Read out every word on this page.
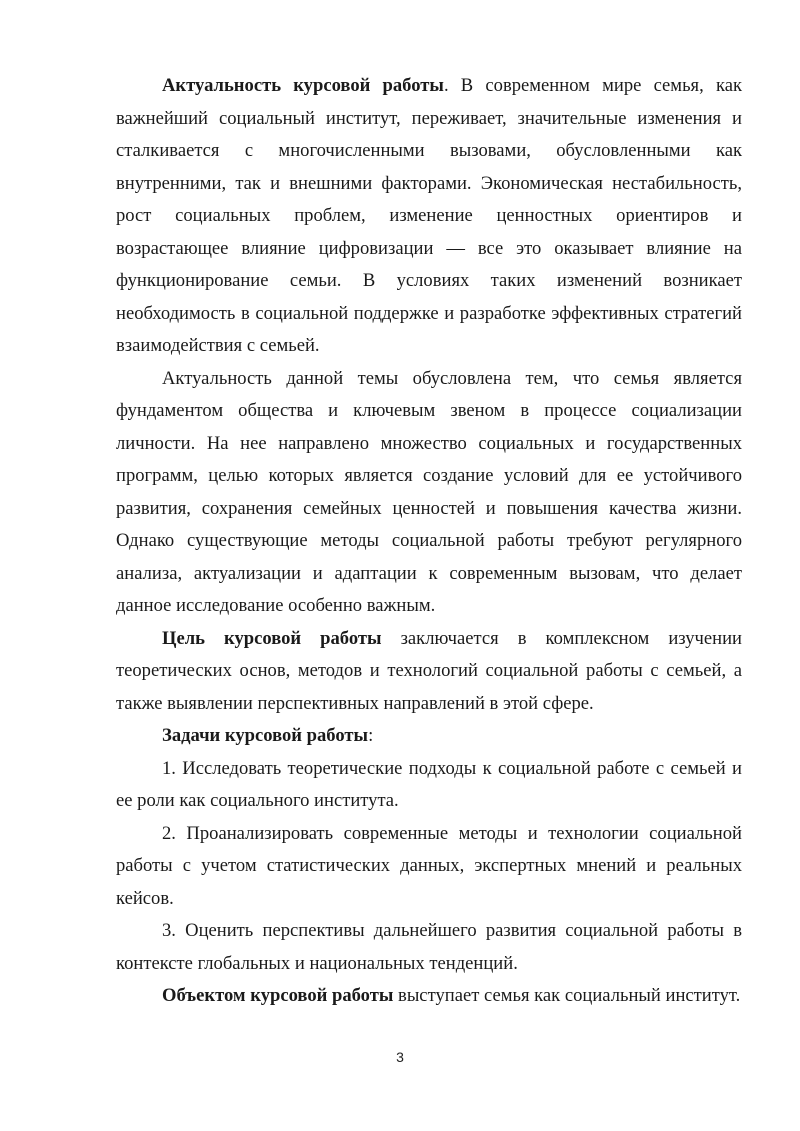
Актуальность курсовой работы. В современном мире семья, как важнейший социальный институт, переживает, значительные изменения и сталкивается с многочисленными вызовами, обусловленными как внутренними, так и внешними факторами. Экономическая нестабильность, рост социальных проблем, изменение ценностных ориентиров и возрастающее влияние цифровизации — все это оказывает влияние на функционирование семьи. В условиях таких изменений возникает необходимость в социальной поддержке и разработке эффективных стратегий взаимодействия с семьей.

Актуальность данной темы обусловлена тем, что семья является фундаментом общества и ключевым звеном в процессе социализации личности. На нее направлено множество социальных и государственных программ, целью которых является создание условий для ее устойчивого развития, сохранения семейных ценностей и повышения качества жизни. Однако существующие методы социальной работы требуют регулярного анализа, актуализации и адаптации к современным вызовам, что делает данное исследование особенно важным.

Цель курсовой работы заключается в комплексном изучении теоретических основ, методов и технологий социальной работы с семьей, а также выявлении перспективных направлений в этой сфере.

Задачи курсовой работы:

1. Исследовать теоретические подходы к социальной работе с семьей и ее роли как социального института.

2. Проанализировать современные методы и технологии социальной работы с учетом статистических данных, экспертных мнений и реальных кейсов.

3. Оценить перспективы дальнейшего развития социальной работы в контексте глобальных и национальных тенденций.

Объектом курсовой работы выступает семья как социальный институт.

3
